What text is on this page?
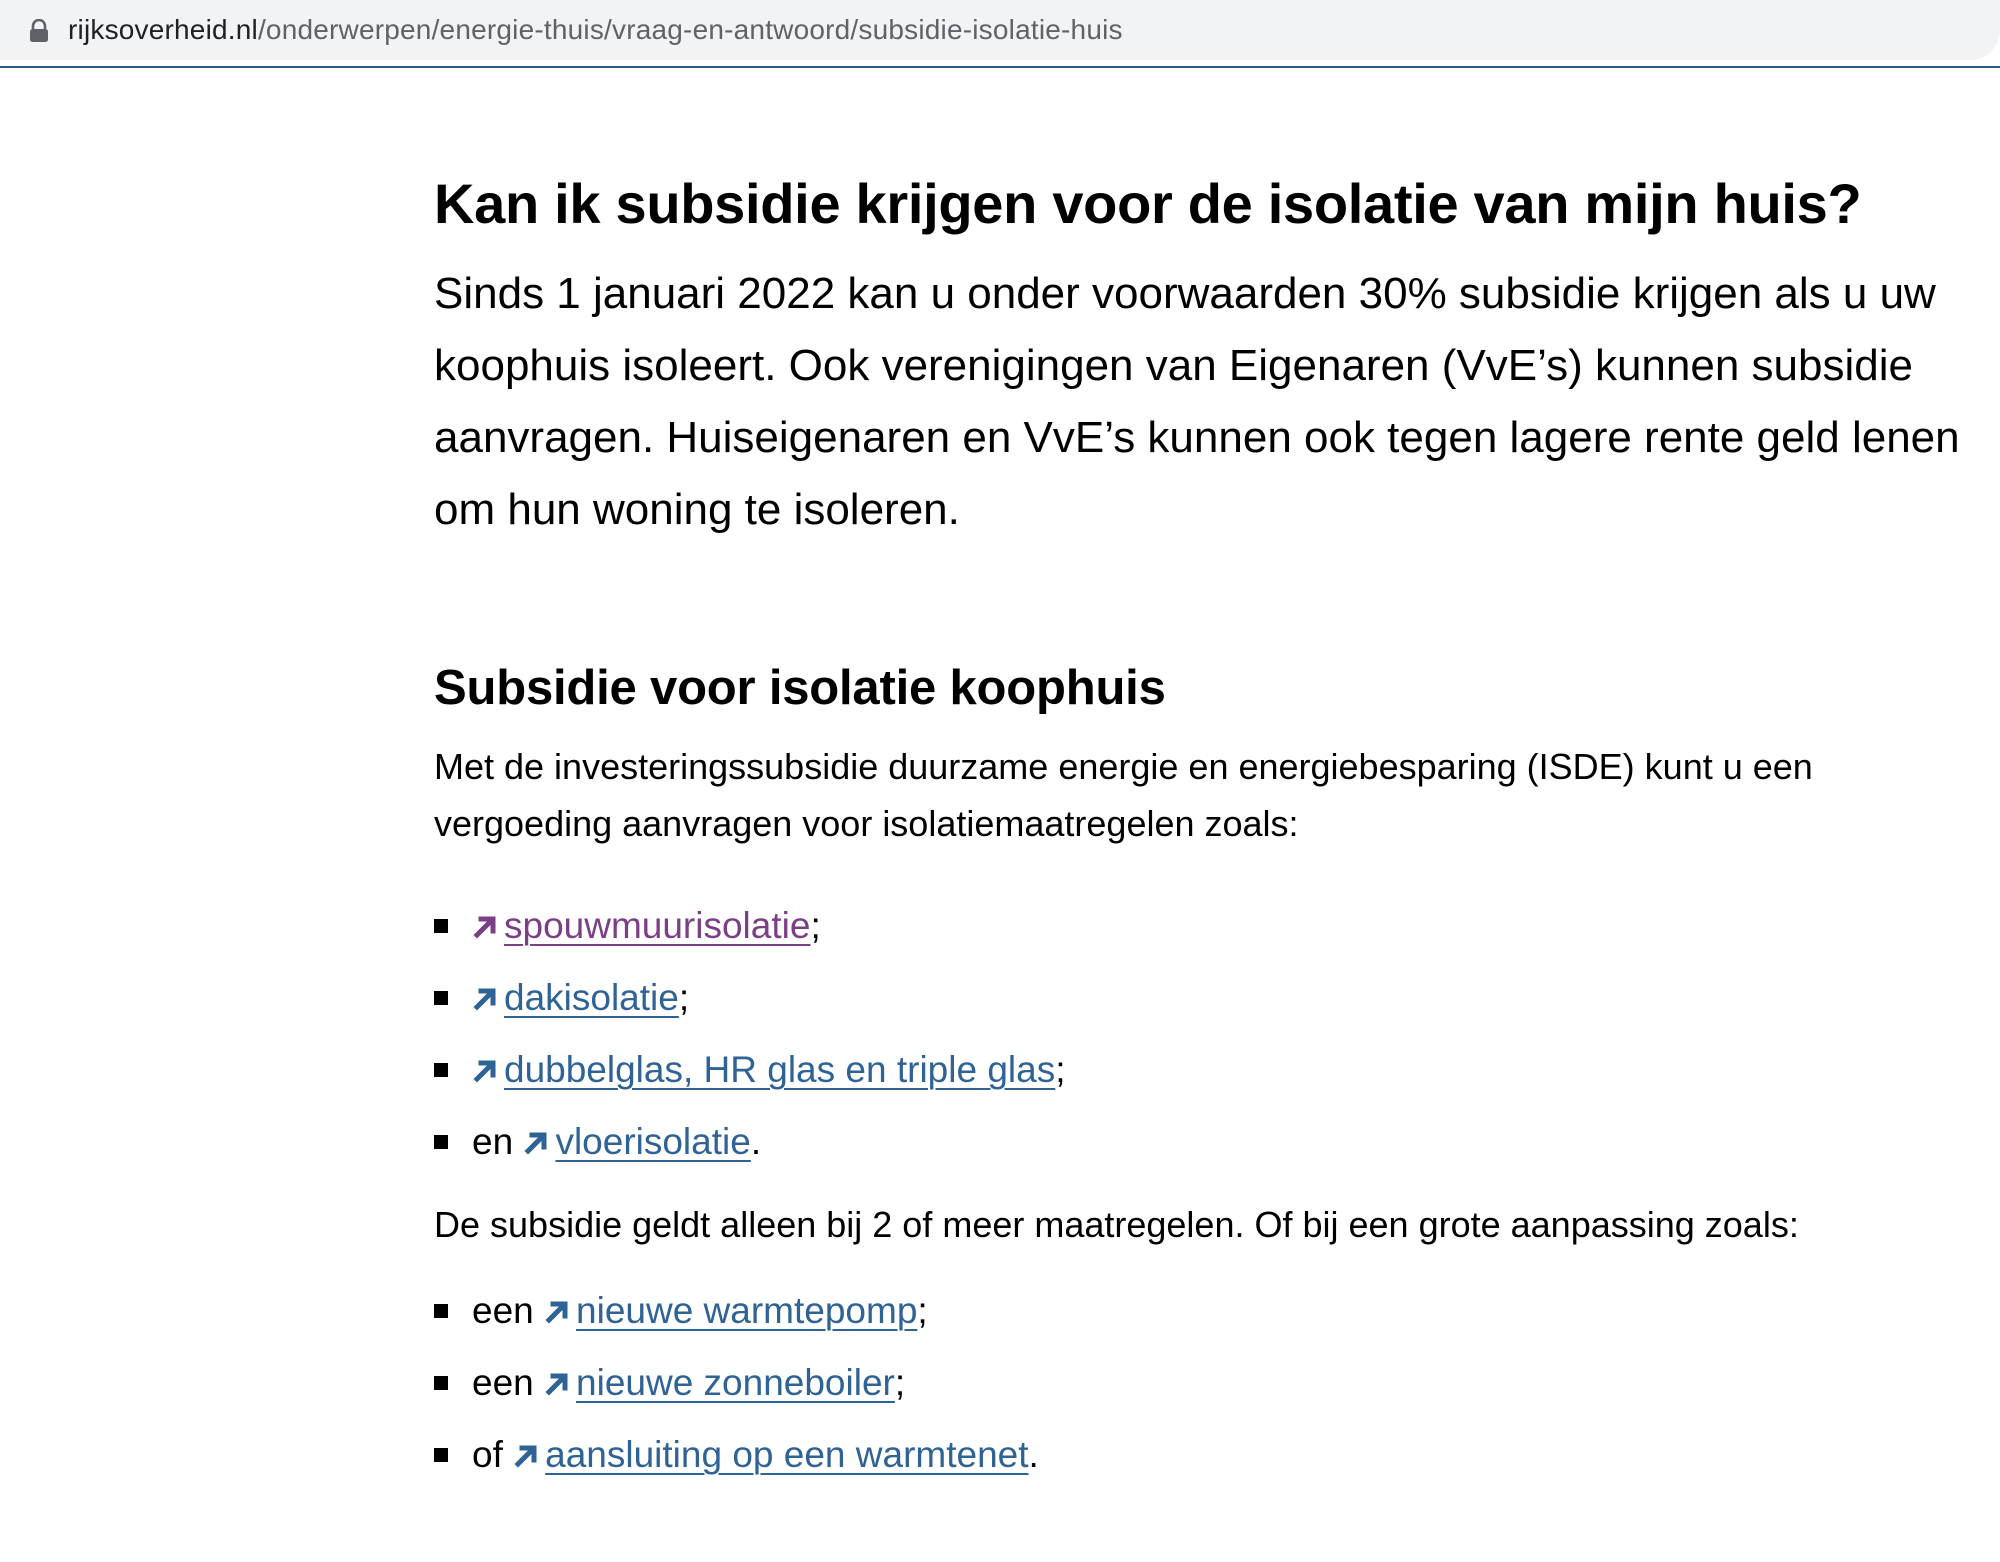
rijksoverheid.nl/onderwerpen/energie-thuis/vraag-en-antwoord/subsidie-isolatie-huis
Kan ik subsidie krijgen voor de isolatie van mijn huis?

Sinds 1 januari 2022 kan u onder voorwaarden 30% subsidie krijgen als u uw koophuis isoleert. Ook verenigingen van Eigenaren (VvE’s) kunnen subsidie aanvragen. Huiseigenaren en VvE’s kunnen ook tegen lagere rente geld lenen om hun woning te isoleren.

Subsidie voor isolatie koophuis

Met de investeringssubsidie duurzame energie en energiebesparing (ISDE) kunt u een vergoeding aanvragen voor isolatiemaatregelen zoals:

spouwmuurisolatie;
dakisolatie;
dubbelglas, HR glas en triple glas;
en vloerisolatie.

De subsidie geldt alleen bij 2 of meer maatregelen. Of bij een grote aanpassing zoals:

een nieuwe warmtepomp;
een nieuwe zonneboiler;
of aansluiting op een warmtenet.
